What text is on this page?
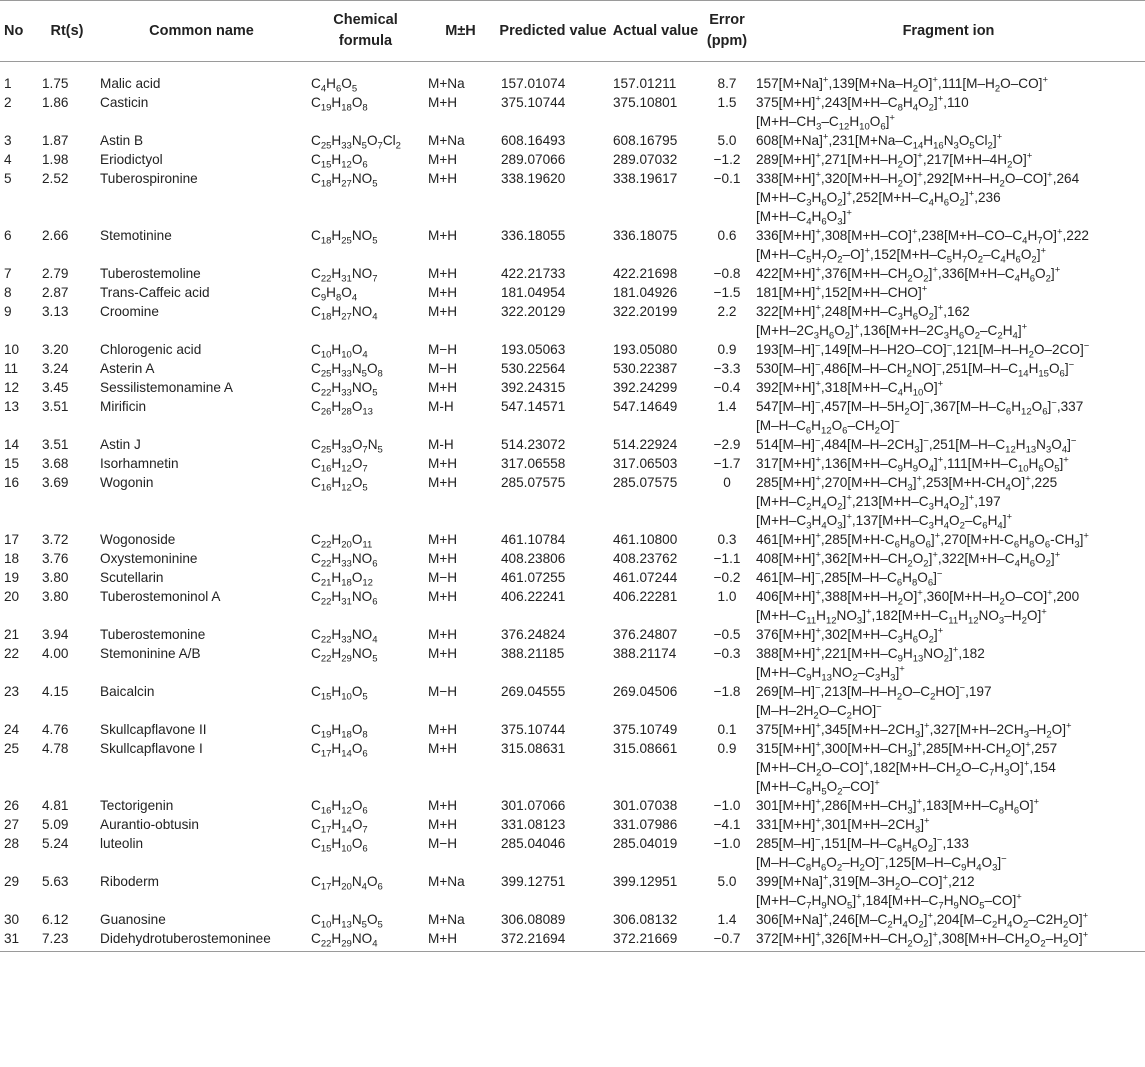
No	Rt(s)	Common name	Chemical formula	M±H	Predicted value	Actual value	Error (ppm)	Fragment ion
1	1.75	Malic acid	$C_4H_6O_5$	M+Na	157.01074	157.01211	8.7	$157[M+Na]^+,139[M+Na-H_2O]^+,111[M-H_2O-CO]^+$

2	1.86	Casticin	$C_{19}H_{18}O_8$	M+H	375.10744	375.10801	1.5	$375[M+H]^+,243[M+H-C_8H_4O_2]^+,110$
$[M+H-CH_3-C_{12}H_{10}O_6]^+$

3	1.87	Astin B	$C_{25}H_{33}N_5O_7Cl_2$	M+Na	608.16493	608.16795	5.0	$608[M+Na]^+,231[M+Na-C_{14}H_{16}N_3O_5Cl_2]^+$

4	1.98	Eriodictyol	$C_{15}H_{12}O_6$	M+H	289.07066	289.07032	−1.2	$289[M+H]^+,271[M+H-H_2O]^+,217[M+H-4H_2O]^+$

5	2.52	Tuberospironine	$C_{18}H_{27}NO_5$	M+H	338.19620	338.19617	−0.1	$338[M+H]^+,320[M+H-H_2O]^+,292[M+H-H_2O-CO]^+,264$
$[M+H-C_3H_6O_2]^+,252[M+H-C_4H_6O_2]^+,236$
$[M+H-C_4H_6O_3]^+$

6	2.66	Stemotinine	$C_{18}H_{25}NO_5$	M+H	336.18055	336.18075	0.6	$336[M+H]^+,308[M+H-CO]^+,238[M+H-CO-C_4H_7O]^+,222$
$[M+H-C_5H_7O_2-O]^+,152[M+H-C_5H_7O_2-C_4H_6O_2]^+$

7	2.79	Tuberostemoline	$C_{22}H_{31}NO_7$	M+H	422.21733	422.21698	−0.8	$422[M+H]^+,376[M+H-CH_2O_2]^+,336[M+H-C_4H_6O_2]^+$

8	2.87	Trans-Caffeic acid	$C_9H_8O_4$	M+H	181.04954	181.04926	−1.5	181[M+H]+,152[M+H–CHO]+

9	3.13	Croomine	$C_{18}H_{27}NO_4$	M+H	322.20129	322.20199	2.2	$322[M+H]^+,248[M+H-C_3H_6O_2]^+,162$
$[M+H-2C_3H_6O_2]^+,136[M+H-2C_3H_6O_2-C_2H_4]^+$

10	3.20	Chlorogenic acid	$C_{10}H_{10}O_4$	M−H	193.05063	193.05080	0.9	$193[M-H]^-,149[M-H-H2O-CO]^-,121[M-H-H_2O-2CO]^-$

11	3.24	Asterin A	$C_{25}H_{33}N_5O_8$	M−H	530.22564	530.22387	−3.3	$530[M-H]^-,486[M-H-CH_2NO]^-,251[M-H-C_{14}H_{15}O_6]^-$

12	3.45	Sessilistemonamine A	$C_{22}H_{33}NO_5$	M+H	392.24315	392.24299	−0.4	$392[M+H]^+,318[M+H-C_4H_{10}O]^+$

13	3.51	Mirificin	$C_{26}H_{28}O_{13}$	M-H	547.14571	547.14649	1.4	$547[M-H]^-,457[M-H-5H_2O]^-,367[M-H-C_6H_{12}O_6]^-,337$
$[M-H-C_6H_{12}O_6-CH_2O]^-$

14	3.51	Astin J	$C_{25}H_{33}O_7N_5$	M-H	514.23072	514.22924	−2.9	$514[M-H]^-,484[M-H-2CH_3]^-,251[M-H-C_{12}H_{13}N_3O_4]^-$

15	3.68	Isorhamnetin	$C_{16}H_{12}O_7$	M+H	317.06558	317.06503	−1.7	$317[M+H]^+,136[M+H-C_9H_9O_4]^+,111[M+H-C_{10}H_6O_5]^+$

16	3.69	Wogonin	$C_{16}H_{12}O_5$	M+H	285.07575	285.07575	0	$285[M+H]^+,270[M+H-CH_3]^+,253[M+H-CH_4O]^+,225$
$[M+H-C_2H_4O_2]^+,213[M+H-C_3H_4O_2]^+,197$
$[M+H-C_3H_4O_3]^+,137[M+H-C_3H_4O_2-C_6H_4]^+$

17	3.72	Wogonoside	$C_{22}H_{20}O_{11}$	M+H	461.10784	461.10800	0.3	$461[M+H]^+,285[M+H-C_6H_8O_6]^+,270[M+H-C_6H_8O_6-CH_3]^+$

18	3.76	Oxystemoninine	$C_{22}H_{33}NO_6$	M+H	408.23806	408.23762	−1.1	$408[M+H]^+,362[M+H-CH_2O_2]^+,322[M+H-C_4H_6O_2]^+$

19	3.80	Scutellarin	$C_{21}H_{18}O_{12}$	M−H	461.07255	461.07244	−0.2	$461[M-H]^-,285[M-H-C_6H_8O_6]^-$

20	3.80	Tuberostemoninol A	$C_{22}H_{31}NO_6$	M+H	406.22241	406.22281	1.0	$406[M+H]^+,388[M+H-H_2O]^+,360[M+H-H_2O-CO]^+,200$
$[M+H-C_{11}H_{12}NO_3]^+,182[M+H-C_{11}H_{12}NO_3-H_2O]^+$

21	3.94	Tuberostemonine	$C_{22}H_{33}NO_4$	M+H	376.24824	376.24807	−0.5	$376[M+H]^+,302[M+H-C_3H_6O_2]^+$

22	4.00	Stemoninine A/B	$C_{22}H_{29}NO_5$	M+H	388.21185	388.21174	−0.3	$388[M+H]^+,221[M+H-C_9H_{13}NO_2]^+,182$
$[M+H-C_9H_{13}NO_2-C_3H_3]^+$

23	4.15	Baicalcin	$C_{15}H_{10}O_5$	M−H	269.04555	269.04506	−1.8	$269[M-H]^-,213[M-H-H_2O-C_2HO]^-,197$
$[M-H-2H_2O-C_2HO]^-$

24	4.76	Skullcapflavone II	$C_{19}H_{18}O_8$	M+H	375.10744	375.10749	0.1	$375[M+H]^+,345[M+H-2CH_3]^+,327[M+H-2CH_3-H_2O]^+$

25	4.78	Skullcapflavone I	$C_{17}H_{14}O_6$	M+H	315.08631	315.08661	0.9	$315[M+H]^+,300[M+H-CH_3]^+,285[M+H-CH_2O]^+,257$
$[M+H-CH_2O-CO]^+,182[M+H-CH_2O-C_7H_3O]^+,154$
$[M+H-C_8H_5O_2-CO]^+$

26	4.81	Tectorigenin	$C_{16}H_{12}O_6$	M+H	301.07066	301.07038	−1.0	$301[M+H]^+,286[M+H-CH_3]^+,183[M+H-C_8H_6O]^+$

27	5.09	Aurantio-obtusin	$C_{17}H_{14}O_7$	M+H	331.08123	331.07986	−4.1	$331[M+H]^+,301[M+H-2CH_3]^+$

28	5.24	luteolin	$C_{15}H_{10}O_6$	M−H	285.04046	285.04019	−1.0	$285[M-H]^-,151[M-H-C_8H_6O_2]^-,133$
$[M-H-C_8H_6O_2-H_2O]^-,125[M-H-C_9H_4O_3]^-$

29	5.63	Riboderm	$C_{17}H_{20}N_4O_6$	M+Na	399.12751	399.12951	5.0	$399[M+Na]^+,319[M-3H_2O-CO]^+,212$
$[M+H-C_7H_9NO_5]^+,184[M+H-C_7H_9NO_5-CO]^+$

30	6.12	Guanosine	$C_{10}H_{13}N_5O_5$	M+Na	306.08089	306.08132	1.4	$306[M+Na]^+,246[M-C_2H_4O_2]^+,204[M-C_2H_4O_2-C2H_2O]^+$

31	7.23	Didehydrotuberostemoninee	$C_{22}H_{29}NO_4$	M+H	372.21694	372.21669	−0.7	$372[M+H]^+,326[M+H-CH_2O_2]^+,308[M+H-CH_2O_2-H_2O]^+$
